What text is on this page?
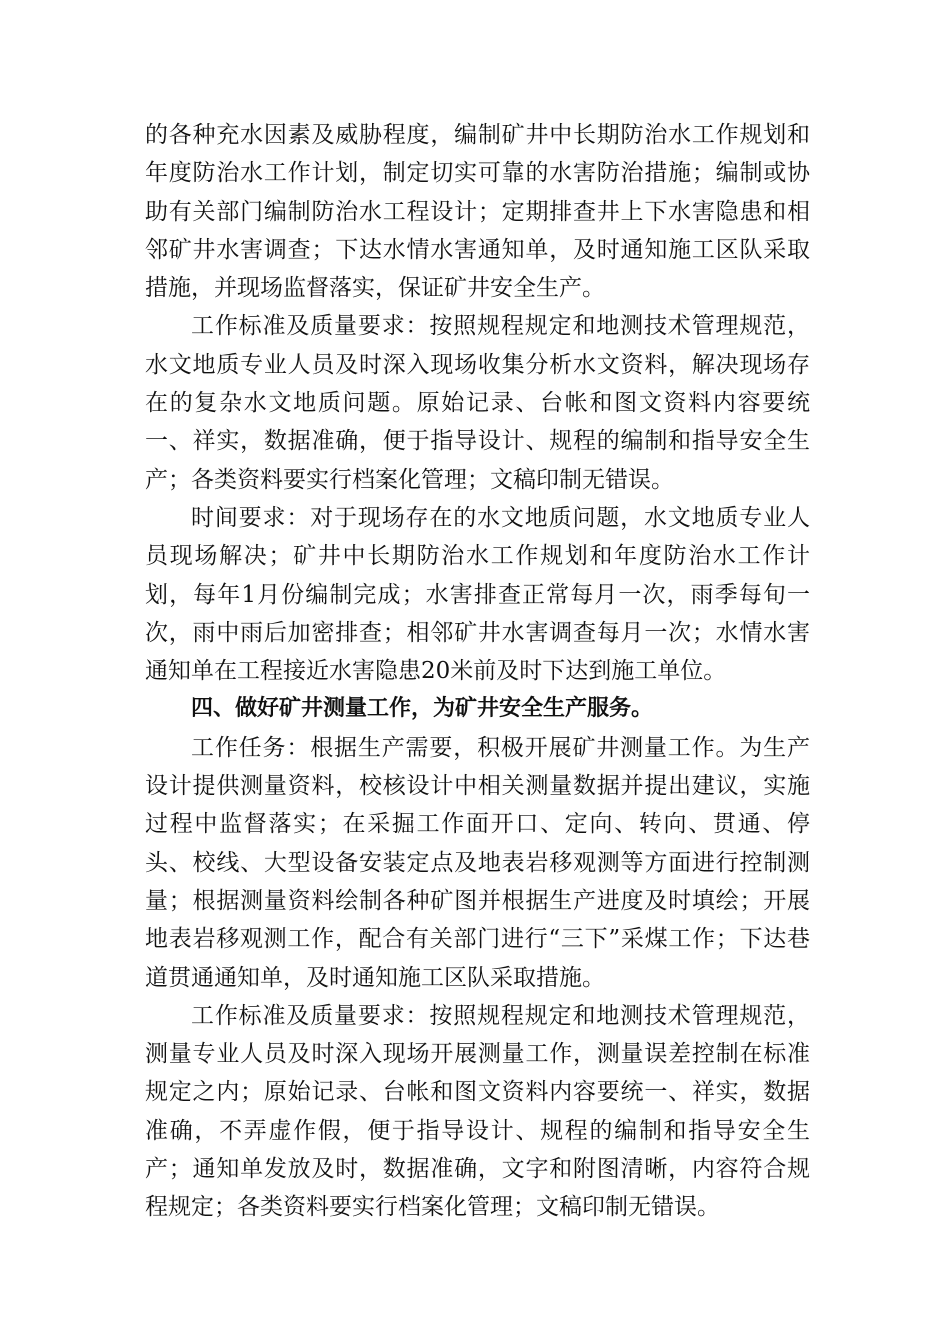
的各种充水因素及威胁程度，编制矿井中长期防治水工作规划和年度防治水工作计划，制定切实可靠的水害防治措施；编制或协助有关部门编制防治水工程设计；定期排查井上下水害隐患和相邻矿井水害调查；下达水情水害通知单，及时通知施工区队采取措施，并现场监督落实，保证矿井安全生产。

工作标准及质量要求：按照规程规定和地测技术管理规范，水文地质专业人员及时深入现场收集分析水文资料，解决现场存在的复杂水文地质问题。原始记录、台帐和图文资料内容要统一、祥实，数据准确，便于指导设计、规程的编制和指导安全生产；各类资料要实行档案化管理；文稿印制无错误。

时间要求：对于现场存在的水文地质问题，水文地质专业人员现场解决；矿井中长期防治水工作规划和年度防治水工作计划，每年1月份编制完成；水害排查正常每月一次，雨季每旬一次，雨中雨后加密排查；相邻矿井水害调查每月一次；水情水害通知单在工程接近水害隐患20米前及时下达到施工单位。

四、做好矿井测量工作，为矿井安全生产服务。

工作任务：根据生产需要，积极开展矿井测量工作。为生产设计提供测量资料，校核设计中相关测量数据并提出建议，实施过程中监督落实；在采掘工作面开口、定向、转向、贯通、停头、校线、大型设备安装定点及地表岩移观测等方面进行控制测量；根据测量资料绘制各种矿图并根据生产进度及时填绘；开展地表岩移观测工作，配合有关部门进行“三下”采煤工作；下达巷道贯通通知单，及时通知施工区队采取措施。

工作标准及质量要求：按照规程规定和地测技术管理规范，测量专业人员及时深入现场开展测量工作，测量误差控制在标准规定之内；原始记录、台帐和图文资料内容要统一、祥实，数据准确，不弄虚作假，便于指导设计、规程的编制和指导安全生产；通知单发放及时，数据准确，文字和附图清晰，内容符合规程规定；各类资料要实行档案化管理；文稿印制无错误。
